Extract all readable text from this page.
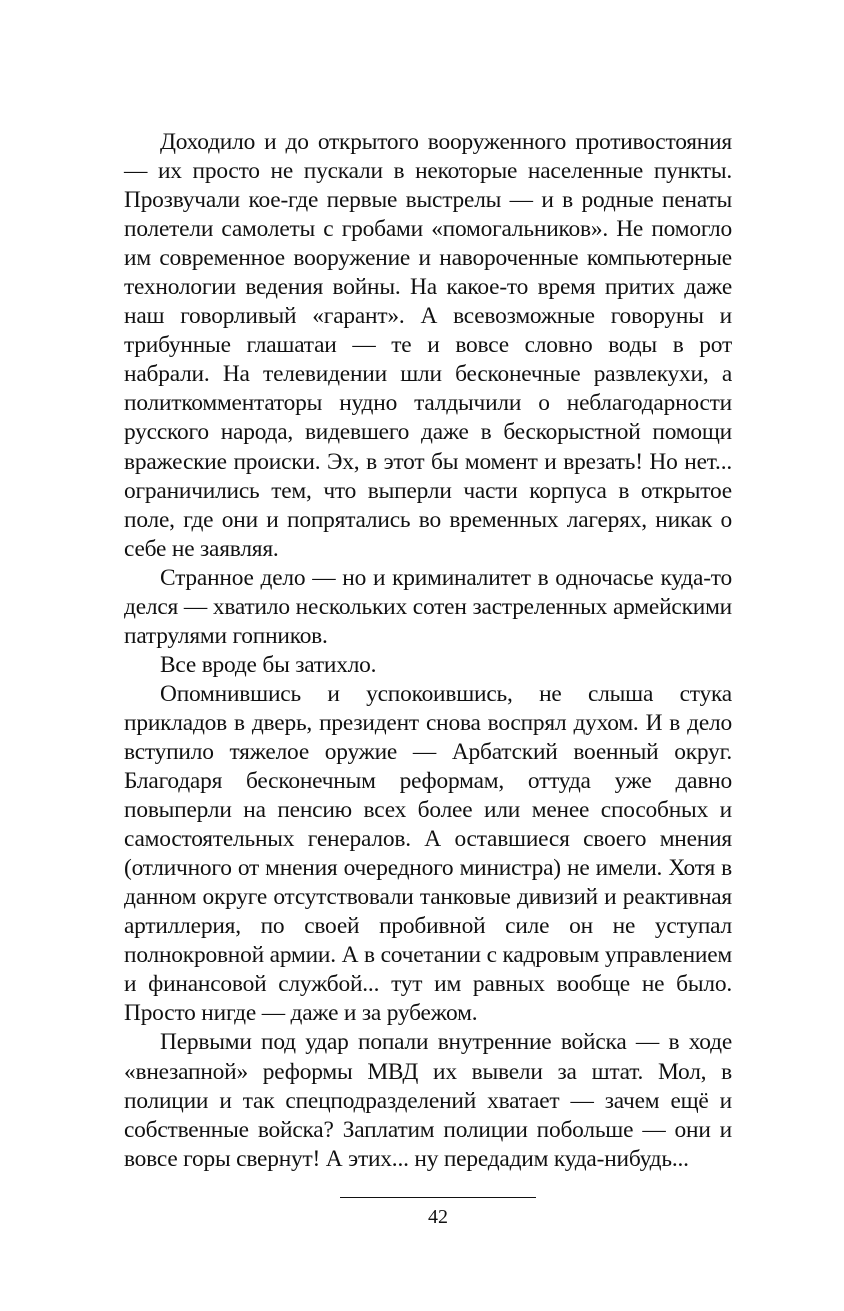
Доходило и до открытого вооруженного противостояния — их просто не пускали в некоторые населенные пункты. Прозвучали кое-где первые выстрелы — и в родные пенаты полетели самолеты с гробами «помогальников». Не помогло им современное вооружение и навороченные компьютерные технологии ведения войны. На какое-то время притих даже наш говорливый «гарант». А всевозможные говоруны и трибунные глашатаи — те и вовсе словно воды в рот набрали. На телевидении шли бесконечные развлекухи, а политкомментаторы нудно талдычили о неблагодарности русского народа, видевшего даже в бескорыстной помощи вражеские происки. Эх, в этот бы момент и врезать! Но нет... ограничились тем, что выперли части корпуса в открытое поле, где они и попрятались во временных лагерях, никак о себе не заявляя.

Странное дело — но и криминалитет в одночасье куда-то делся — хватило нескольких сотен застреленных армейскими патрулями гопников.

Все вроде бы затихло.

Опомнившись и успокоившись, не слыша стука прикладов в дверь, президент снова воспрял духом. И в дело вступило тяжелое оружие — Арбатский военный округ. Благодаря бесконечным реформам, оттуда уже давно повыперли на пенсию всех более или менее способных и самостоятельных генералов. А оставшиеся своего мнения (отличного от мнения очередного министра) не имели. Хотя в данном округе отсутствовали танковые дивизий и реактивная артиллерия, по своей пробивной силе он не уступал полнокровной армии. А в сочетании с кадровым управлением и финансовой службой... тут им равных вообще не было. Просто нигде — даже и за рубежом.

Первыми под удар попали внутренние войска — в ходе «внезапной» реформы МВД их вывели за штат. Мол, в полиции и так спецподразделений хватает — зачем ещё и собственные войска? Заплатим полиции побольше — они и вовсе горы свернут! А этих... ну передадим куда-нибудь...

42
